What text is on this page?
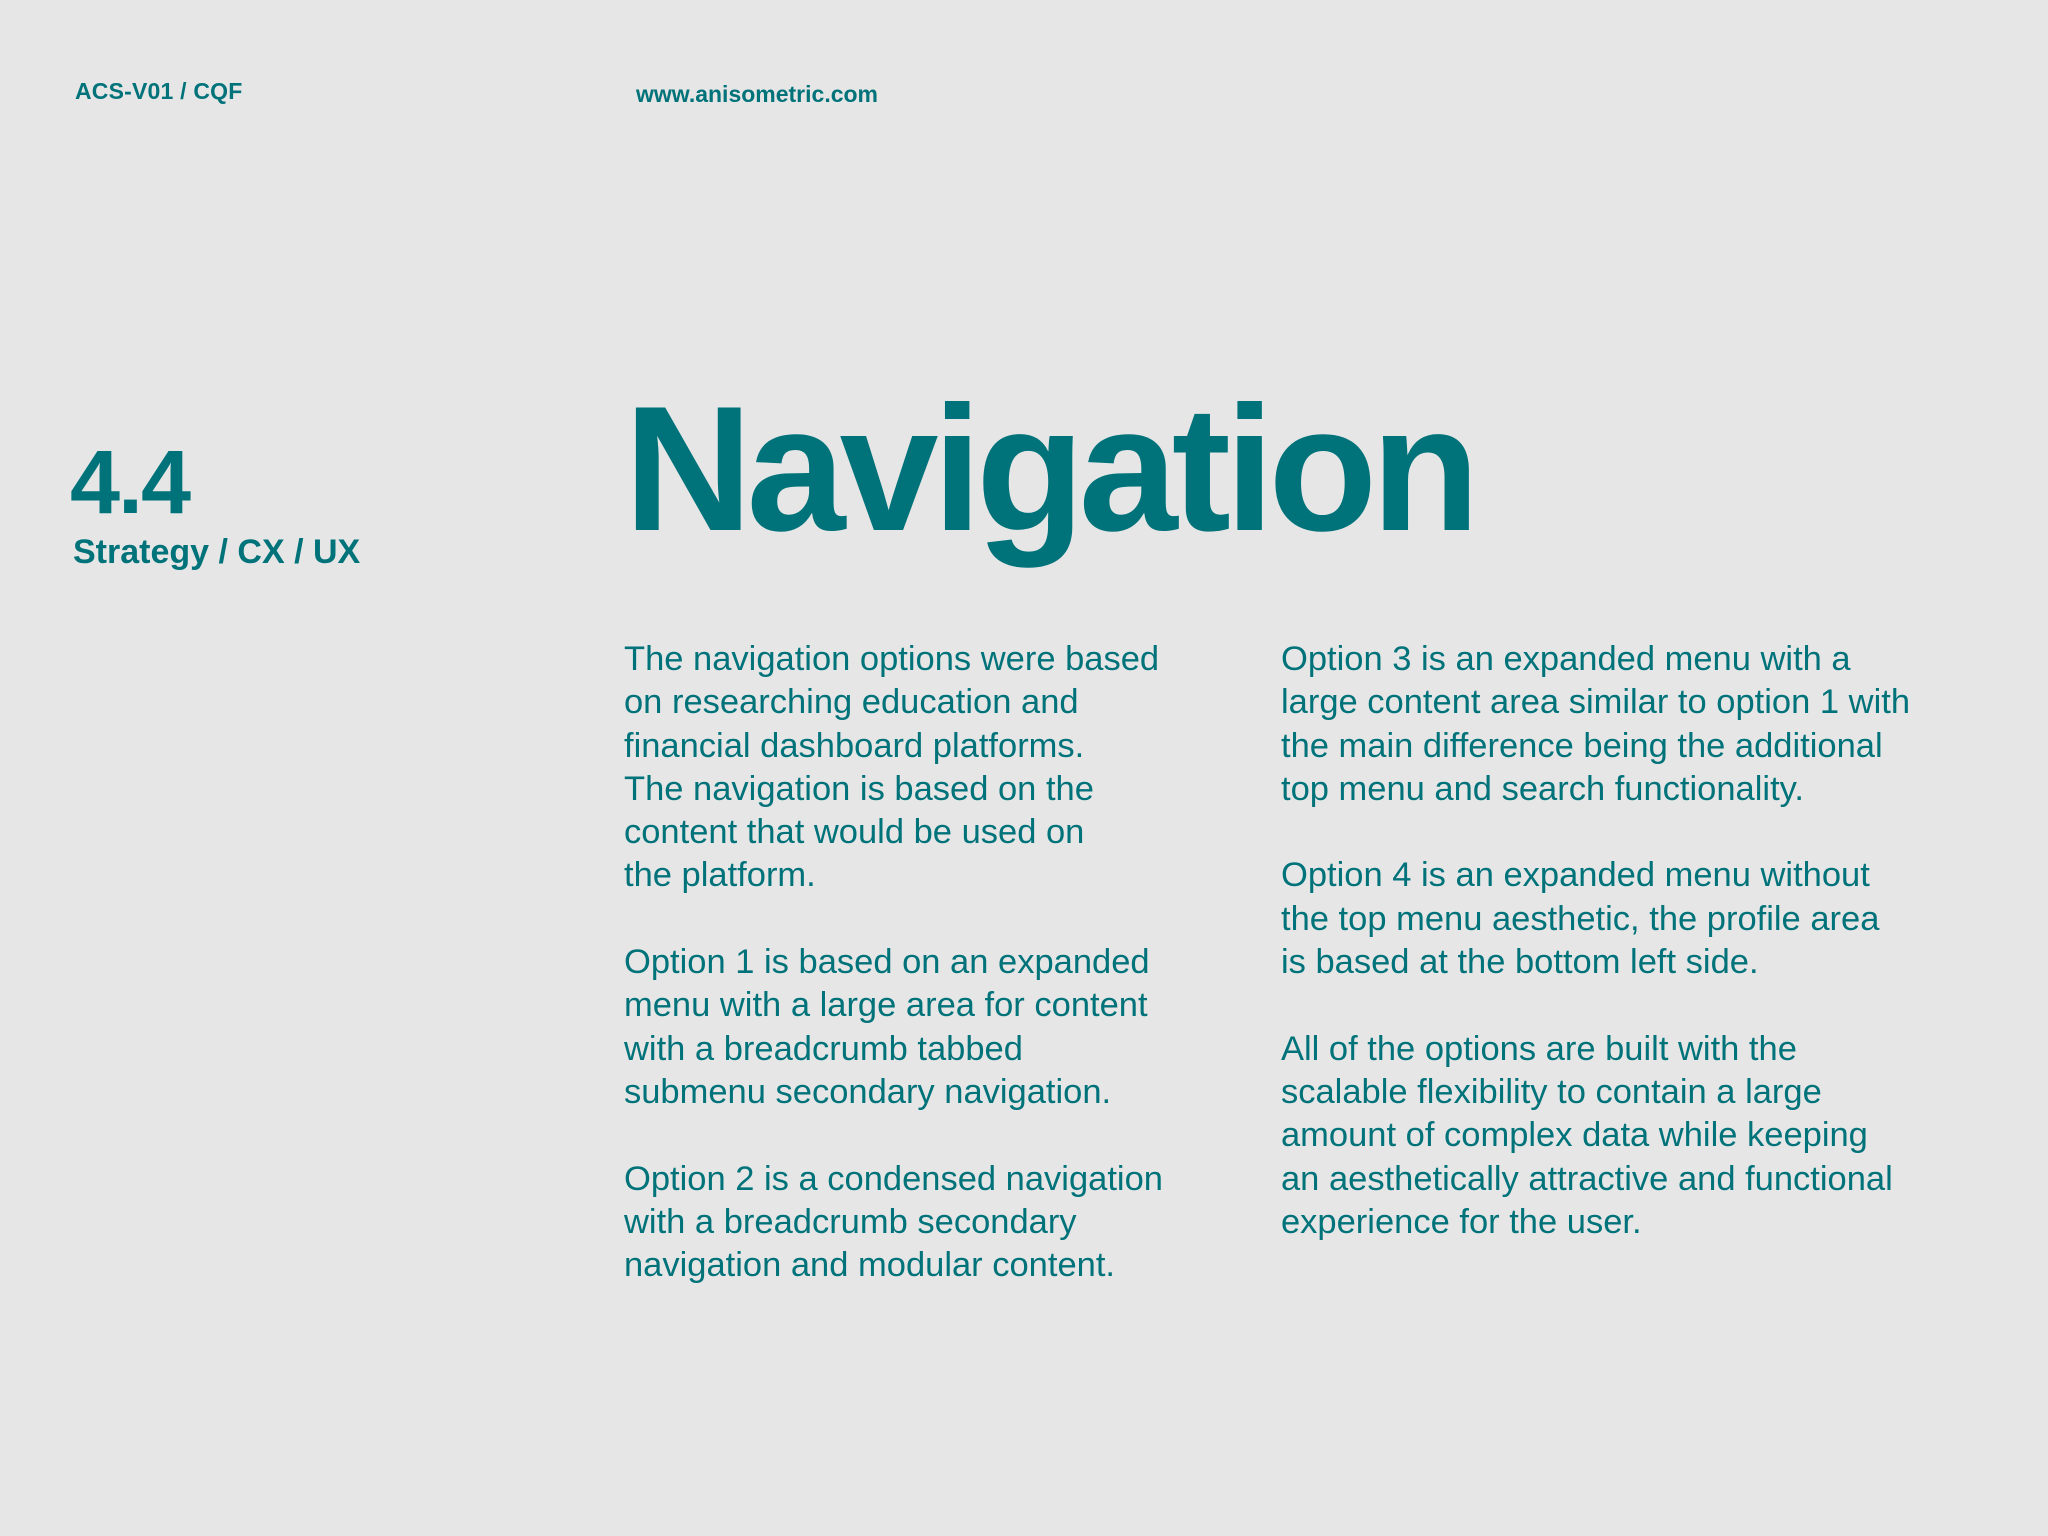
ACS-V01 / CQF	www.anisometric.com
4.4
Strategy / CX / UX Navigation

The navigation options were based
on researching education and
financial dashboard platforms.
The navigation is based on the
content that would be used on
the platform.

Option 1 is based on an expanded
menu with a large area for content
with a breadcrumb tabbed
submenu secondary navigation.

Option 2 is a condensed navigation
with a breadcrumb secondary
navigation and modular content.

Option 3 is an expanded menu with a
large content area similar to option 1 with
the main difference being the additional
top menu and search functionality.

Option 4 is an expanded menu without
the top menu aesthetic, the profile area
is based at the bottom left side.

All of the options are built with the
scalable flexibility to contain a large
amount of complex data while keeping
an aesthetically attractive and functional
experience for the user.
